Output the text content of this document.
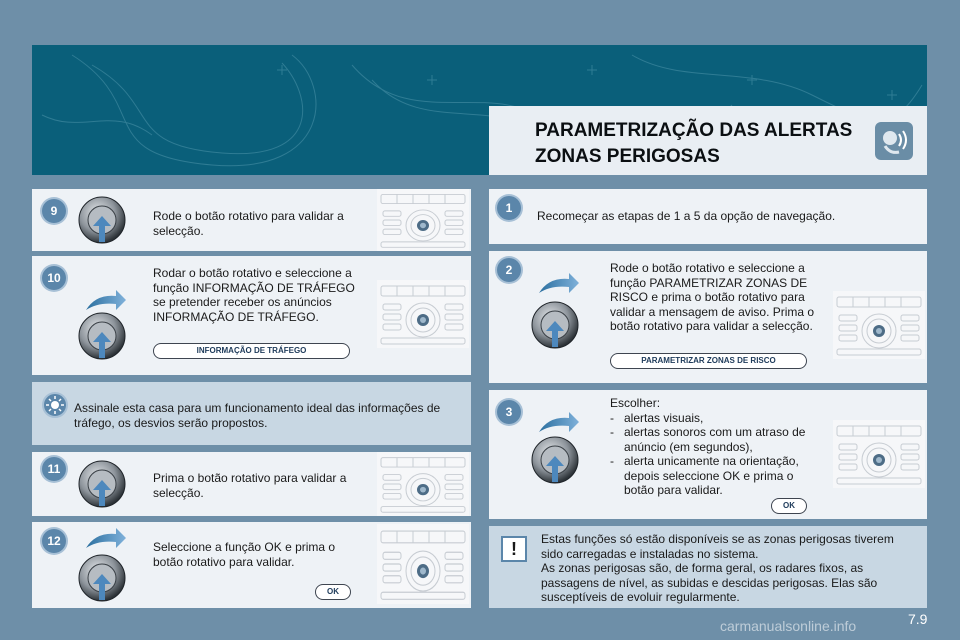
PARAMETRIZAÇÃO DAS ALERTAS ZONAS PERIGOSAS
9	Rode o botão rotativo para validar a selecção.
10	Rodar o botão rotativo e seleccione a função INFORMAÇÃO DE TRÁFEGO se pretender receber os anúncios INFORMAÇÃO DE TRÁFEGO.
INFORMAÇÃO DE TRÁFEGO
Assinale esta casa para um funcionamento ideal das informações de tráfego, os desvios serão propostos.
11
Prima o botão rotativo para validar a selecção.
12	Seleccione a função OK e prima o botão rotativo para validar.
OK
1
Recomeçar as etapas de 1 a 5 da opção de navegação.
2	Rode o botão rotativo e seleccione a função PARAMETRIZAR ZONAS DE RISCO e prima o botão rotativo para validar a mensagem de aviso. Prima o botão rotativo para validar a selecção.
PARAMETRIZAR ZONAS DE RISCO
3
Escolher:
- alertas visuais,
- alertas sonoros com um atraso de anúncio (em segundos),
- alerta unicamente na orientação, depois seleccione OK e prima o botão para validar.
OK
!	Estas funções só estão disponíveis se as zonas perigosas tiverem sido carregadas e instaladas no sistema.
As zonas perigosas são, de forma geral, os radares fixos, as passagens de nível, as subidas e descidas perigosas. Elas são susceptíveis de evoluir regularmente.
carmanualsonline.info	7.9
